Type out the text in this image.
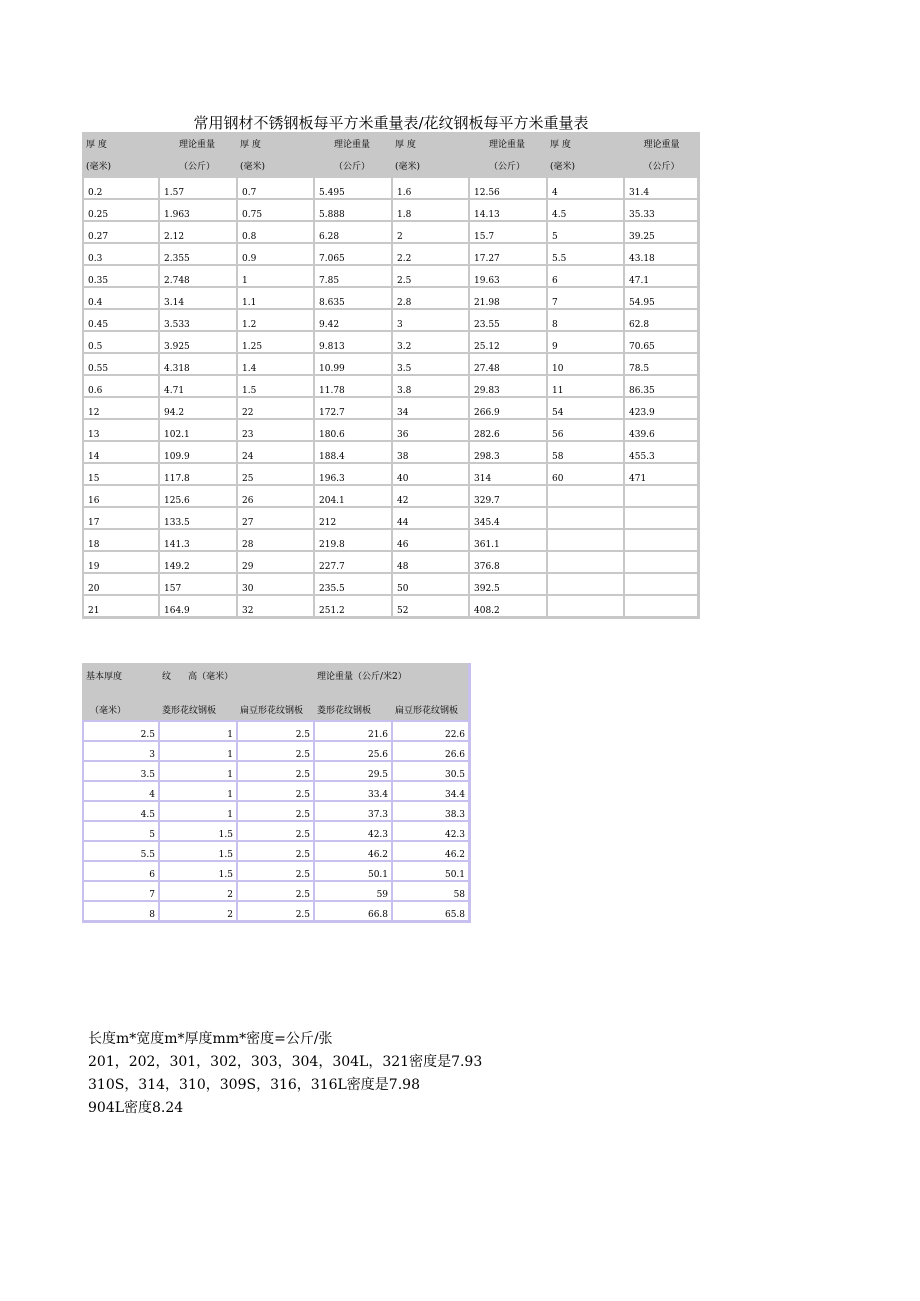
常用钢材不锈钢板每平方米重量表/花纹钢板每平方米重量表
厚 度	理论重量	厚 度	理论重量	厚 度	理论重量	厚 度	理论重量
(毫米)	（公斤）	(毫米)	（公斤）	(毫米)	（公斤）	(毫米)	（公斤）
0.2	1.57	0.7	5.495	1.6	12.56	4	31.4
0.25	1.963	0.75	5.888	1.8	14.13	4.5	35.33
0.27	2.12	0.8	6.28	2	15.7	5	39.25
0.3	2.355	0.9	7.065	2.2	17.27	5.5	43.18
0.35	2.748	1	7.85	2.5	19.63	6	47.1
0.4	3.14	1.1	8.635	2.8	21.98	7	54.95
0.45	3.533	1.2	9.42	3	23.55	8	62.8
0.5	3.925	1.25	9.813	3.2	25.12	9	70.65
0.55	4.318	1.4	10.99	3.5	27.48	10	78.5
0.6	4.71	1.5	11.78	3.8	29.83	11	86.35
12	94.2	22	172.7	34	266.9	54	423.9
13	102.1	23	180.6	36	282.6	56	439.6
14	109.9	24	188.4	38	298.3	58	455.3
15	117.8	25	196.3	40	314	60	471
16	125.6	26	204.1	42	329.7		
17	133.5	27	212	44	345.4		
18	141.3	28	219.8	46	361.1		
19	149.2	29	227.7	48	376.8		
20	157	30	235.5	50	392.5		
21	164.9	32	251.2	52	408.2		
基本厚度	纹      高（毫米）		理论重量（公斤/米2）	
（毫米）	菱形花纹钢板	扁豆形花纹钢板	菱形花纹钢板	扁豆形花纹钢板
2.5	1	2.5	21.6	22.6
3	1	2.5	25.6	26.6
3.5	1	2.5	29.5	30.5
4	1	2.5	33.4	34.4
4.5	1	2.5	37.3	38.3
5	1.5	2.5	42.3	42.3
5.5	1.5	2.5	46.2	46.2
6	1.5	2.5	50.1	50.1
7	2	2.5	59	58
8	2	2.5	66.8	65.8
长度m*宽度m*厚度mm*密度=公斤/张
201，202，301，302，303，304，304L，321密度是7.93
310S，314，310，309S，316，316L密度是7.98
904L密度8.24
